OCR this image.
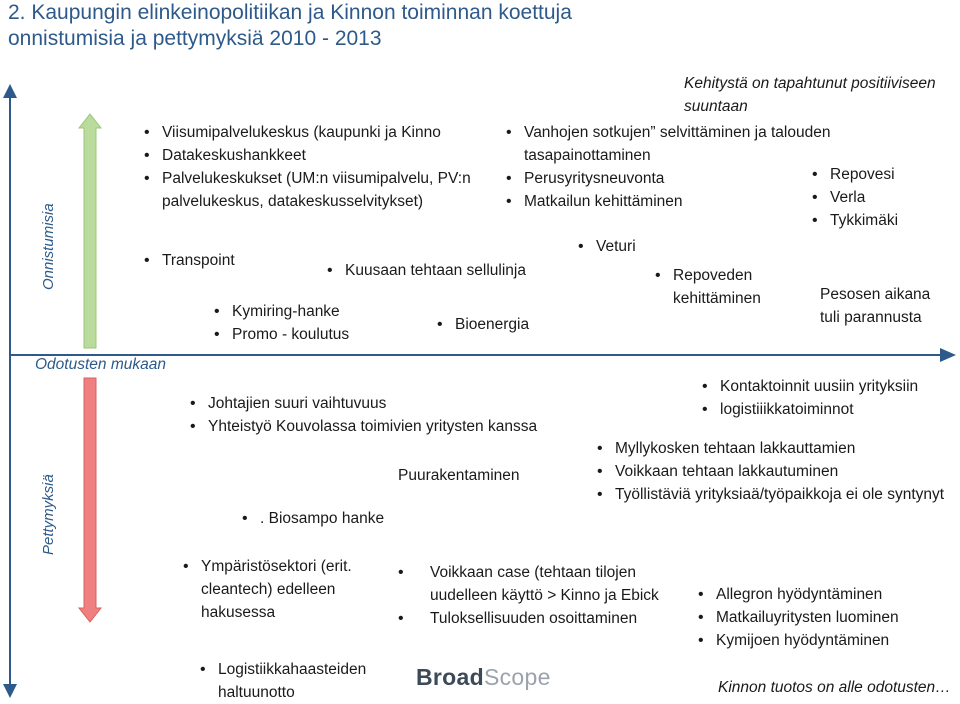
2. Kaupungin elinkeinopolitiikan ja Kinnon toiminnan koettuja
onnistumisia ja pettymyksiä 2010 - 2013
Onnistumisia
Pettymyksiä
Odotusten mukaan
Kehitystä on tapahtunut positiiviseen suuntaan
• Viisumipalvelukeskus (kaupunki ja Kinno
• Datakeskushankkeet
• Palvelukeskukset (UM:n viisumipalvelu, PV:n
palvelukeskus, datakeskusselvitykset)
• Transpoint
• Kuusaan tehtaan sellulinja
• Kymiring-hanke
• Promo - koulutus
• Bioenergia
• Vanhojen sotkujen” selvittäminen ja talouden
tasapainottaminen
• Perusyritysneuvonta
• Matkailun kehittäminen
• Repovesi
• Verla
• Tykkimäki
• Veturi
• Repoveden
kehittäminen	Pesosen aikana
tuli parannusta
• Johtajien suuri vaihtuvuus
• Yhteistyö Kouvolassa toimivien yritysten kanssa
Puurakentaminen
• . Biosampo hanke
• Kontaktoinnit uusiin yrityksiin
• logistiiikkatoiminnot
• Myllykosken tehtaan lakkauttamien
• Voikkaan tehtaan lakkautuminen
• Työllistäviä yrityksiaä/työpaikkoja ei ole syntynyt
• Ympäristösektori (erit.
cleantech) edelleen
hakusessa
• Voikkaan case (tehtaan tilojen
uudelleen käyttö > Kinno ja Ebick
• Tuloksellisuuden osoittaminen
• Allegron hyödyntäminen
• Matkailuyritysten luominen
• Kymijoen hyödyntäminen
• Logistiikkahaasteiden
haltuunotto
BroadScope	Kinnon tuotos on alle odotusten…
